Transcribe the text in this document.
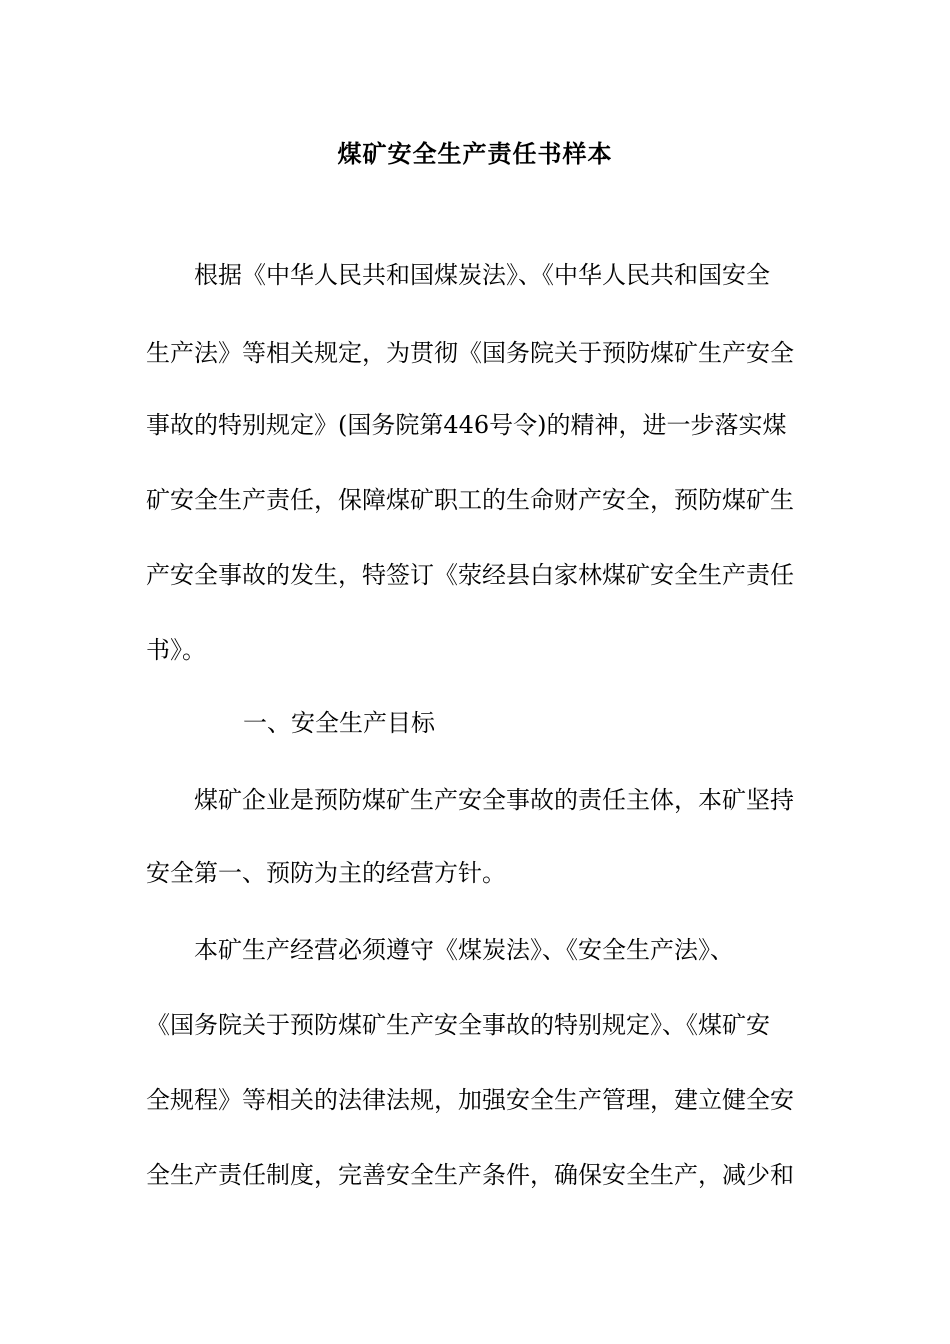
煤矿安全生产责任书样本
根据《中华人民共和国煤炭法》、《中华人民共和国安全
生产法》等相关规定，为贯彻《国务院关于预防煤矿生产安全
事故的特别规定》(国务院第446号令)的精神，进一步落实煤
矿安全生产责任，保障煤矿职工的生命财产安全，预防煤矿生
产安全事故的发生，特签订《荥经县白家林煤矿安全生产责任
书》。
一、安全生产目标
煤矿企业是预防煤矿生产安全事故的责任主体，本矿坚持
安全第一、预防为主的经营方针。
本矿生产经营必须遵守《煤炭法》、《安全生产法》、
《国务院关于预防煤矿生产安全事故的特别规定》、《煤矿安
全规程》等相关的法律法规，加强安全生产管理，建立健全安
全生产责任制度，完善安全生产条件，确保安全生产，减少和
